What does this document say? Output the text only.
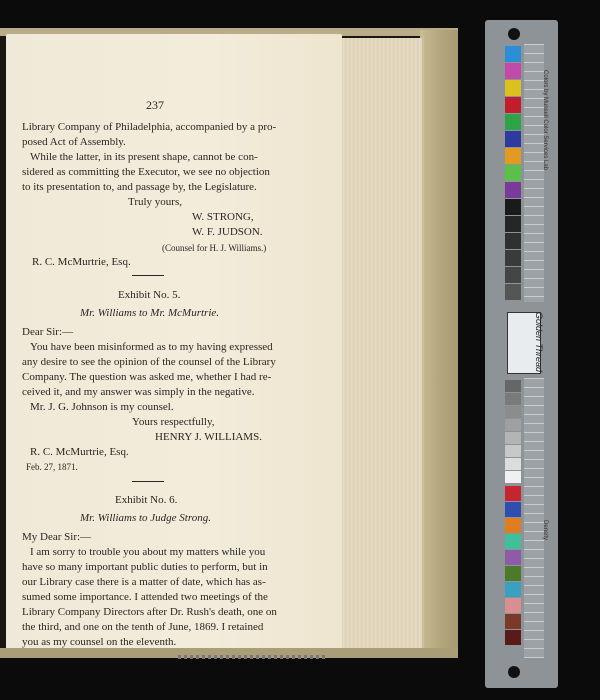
237
Library Company of Philadelphia, accompanied by a pro-
posed Act of Assembly.
While the latter, in its present shape, cannot be con-
sidered as committing the Executor, we see no objection
to its presentation to, and passage by, the Legislature.
Truly yours,
W. STRONG,
W. F. JUDSON.
(Counsel for H. J. Williams.)
R. C. McMurtrie, Esq.
Exhibit No. 5.
Mr. Williams to Mr. McMurtrie.
Dear Sir:—
You have been misinformed as to my having expressed
any desire to see the opinion of the counsel of the Library
Company. The question was asked me, whether I had re-
ceived it, and my answer was simply in the negative.
Mr. J. G. Johnson is my counsel.
Yours respectfully,
HENRY J. WILLIAMS.
R. C. McMurtrie, Esq.
Feb. 27, 1871.
Exhibit No. 6.
Mr. Williams to Judge Strong.
My Dear Sir:—
I am sorry to trouble you about my matters while you
have so many important public duties to perform, but in
our Library case there is a matter of date, which has as-
sumed some importance. I attended two meetings of the
Library Company Directors after Dr. Rush's death, one on
the third, and one on the tenth of June, 1869. I retained
you as my counsel on the eleventh.
Colors by Munsell Color Services Lab
Golden Thread
Density
